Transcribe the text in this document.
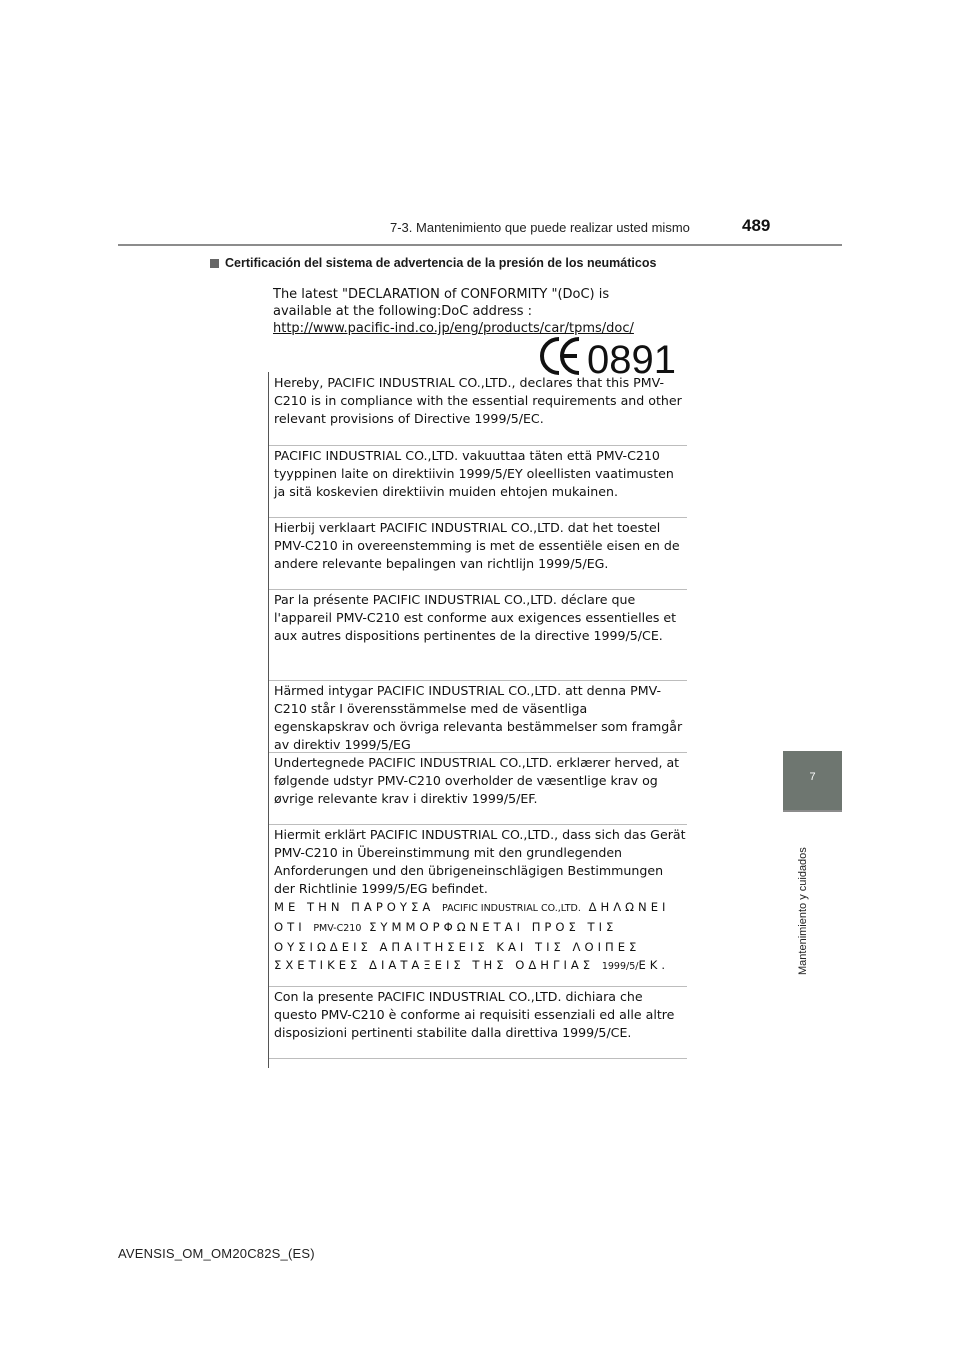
7-3. Mantenimiento que puede realizar usted mismo	489
Certificación del sistema de advertencia de la presión de los neumáticos
The latest "DECLARATION of CONFORMITY "(DoC) is
available at the following:DoC address :
http://www.pacific-ind.co.jp/eng/products/car/tpms/doc/
0891
Hereby, PACIFIC INDUSTRIAL CO.,LTD., declares that this PMV-C210 is in compliance with the essential requirements and other relevant provisions of Directive 1999/5/EC.
PACIFIC INDUSTRIAL CO.,LTD. vakuuttaa täten että PMV-C210 tyyppinen laite on direktiivin 1999/5/EY oleellisten vaatimusten ja sitä koskevien direktiivin muiden ehtojen mukainen.
Hierbij verklaart PACIFIC INDUSTRIAL CO.,LTD. dat het toestel PMV-C210 in overeenstemming is met de essentiële eisen en de andere relevante bepalingen van richtlijn 1999/5/EG.
Par la présente PACIFIC INDUSTRIAL CO.,LTD. déclare que l'appareil PMV-C210 est conforme aux exigences essentielles et aux autres dispositions pertinentes de la directive 1999/5/CE.
Härmed intygar PACIFIC INDUSTRIAL CO.,LTD. att denna PMV-C210 står I överensstämmelse med de väsentliga egenskapskrav och övriga relevanta bestämmelser som framgår av direktiv 1999/5/EG
Undertegnede PACIFIC INDUSTRIAL CO.,LTD. erklærer herved, at følgende udstyr PMV-C210 overholder de væsentlige krav og øvrige relevante krav i direktiv 1999/5/EF.
Hiermit erklärt PACIFIC INDUSTRIAL CO.,LTD., dass sich das Gerät PMV-C210 in Übereinstimmung mit den grundlegenden Anforderungen und den übrigeneinschlägigen Bestimmungen der Richtlinie 1999/5/EG befindet.
ΜΕ ΤΗΝ ΠΑΡΟΥΣΑ PACIFIC INDUSTRIAL CO.,LTD. ΔΗΛΩΝΕΙ ΟΤΙ PMV-C210 ΣΥΜΜΟΡΦΩΝΕΤΑΙ ΠΡΟΣ ΤΙΣ ΟΥΣΙΩΔΕΙΣ ΑΠΑΙΤΗΣΕΙΣ ΚΑΙ ΤΙΣ ΛΟΙΠΕΣ ΣΧΕΤΙΚΕΣ ΔΙΑΤΑΞΕΙΣ ΤΗΣ ΟΔΗΓΙΑΣ 1999/5/ΕΚ.
Con la presente PACIFIC INDUSTRIAL CO.,LTD. dichiara che questo PMV-C210 è conforme ai requisiti essenziali ed alle altre disposizioni pertinenti stabilite dalla direttiva 1999/5/CE.
7
Mantenimiento y cuidados
AVENSIS_OM_OM20C82S_(ES)
